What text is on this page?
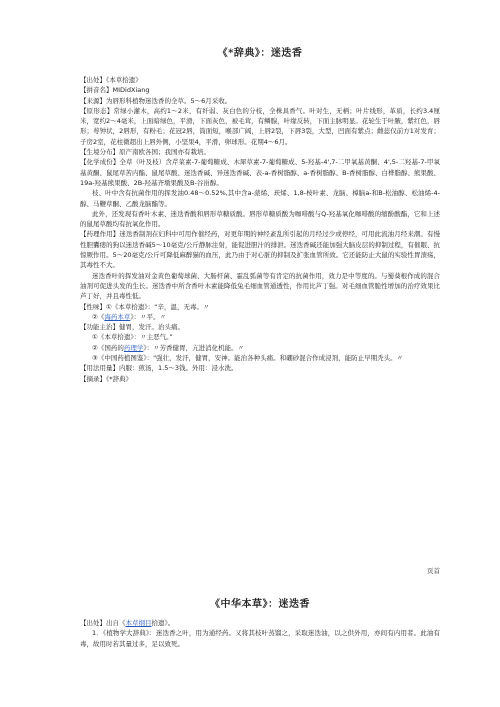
《*辞典》：迷迭香

【出处】《本草拾遗》

【拼音名】MIDidXiang

【来源】为唇形科植物迷迭香的全草。5～6月采收。

【原形态】常绿小灌木，高约1～2米，有纤弱、灰白色的分枝，全株具香气。叶对生，无柄；叶片线形，革质，长约3.4厘米，宽约2～4毫米，上面暗绿色，平滑，下面灰色，被毛茸，有鳞腺，叶缘反转，下面主脉明显。花轮生于叶腋，紫红色，唇形；萼钟状，2唇形，有粉毛；花冠2唇，筒面短，喉部广阔，上唇2裂，下唇3裂，大型，凹面有紫点；雌蕊仅前方1对发育；子房2室，花柱微超出上唇外侧，小坚果4，平滑，卵球形。花期4～6月。

【生境分布】原产南欧各国；我国亦有栽培。

【化学成份】全草（叶及枝）含芹菜素-7-葡萄糖成、木犀草素-7-葡萄糖成、5-羟基-4',7-二甲氧基黄酮、4',5-二羟基-7-甲氧基黄酮、鼠尾草苦内酯、鼠尾草酸、迷迭香碱、异迷迭香碱、表-a-香树脂醇、a-香树脂醇、B-香树脂醇、白桦脂醇、熊果酸、19a-羟基熊果酸、2B-羟基齐墩果酸及B-谷甾醇。

枝、叶中含有抗菌作用的挥发油0.48～0.52%,其中含a-蒎烯、莰烯、1,8-桉叶素、龙脑、樟脑a-和B-松油醇、松油烯-4-醇、马鞭草酮、乙酸龙脑酯等。

此外，还发现有香叶木素、迷迭香酸和唇形草糖质酸。唇形草糖质酸为咖啡酸与Q-羟基氧化咖啡酸的缩酚酸酯，它和上述的鼠尾草酸均有抗氧化作用。

【药理作用】迷迭香制剂在妇科中可用作催经药，对更年期的神经紊乱所引起的月经过少或停经，可用此流油月经来潮。有慢性胆囊瘘的狗以迷迭香碱5～10毫克/公斤静脉注射，能促进胆汁的排泄。迷迭香碱还能加强大脑皮层的抑制过程，有催眠、抗惊厥作用。5～20毫克/公斤可降低麻醉猫的血压，此乃由于对心脏的抑制及扩张血管所致。它还能防止大鼠的实验性胃溃疡，其毒性不大。

迷迭香叶的挥发油对金黄色葡萄球菌、大肠杆菌、霍乱弧菌等有肯定的抗菌作用，效力是中等度的。与蜀葵根作成的混合油剂可促进头发的生长。迷迭香中所含香叶木素能降低兔毛细血管通透性，作用比芦丁强。对毛细血管脆性增加的治疗效果比芦丁好，并且毒性低。

【性味】①《本草拾遗》：“辛，温，无毒。〃

②《海药本草》：〃平。〃

【功能主治】健胃，发汗。治头痛。

①《本草拾遗》：〃主恶气。”

②《国药的药理学》：〃芳香健胃，亢进消化机能。〃

③《中国药植图鉴》："强壮，发汗，健胃，安神。能治各种头痛。和硼砂混合作成浸剂，能防止早期秃头。〃

【用法用量】内服：煎汤，1.5～3钱。外用：浸水洗。

【摘录】《*辞典》

页首

《中华本草》：迷迭香

【出处】出自《本草纲目拾遗》。

1．《植物学大辞典》：迷迭香之叶，用为通经药。又将其枝叶蒸馏之，采取迷迭油，以之供外用，亦间有内用者。此油有毒，故用时若其量过多，足以致死。
